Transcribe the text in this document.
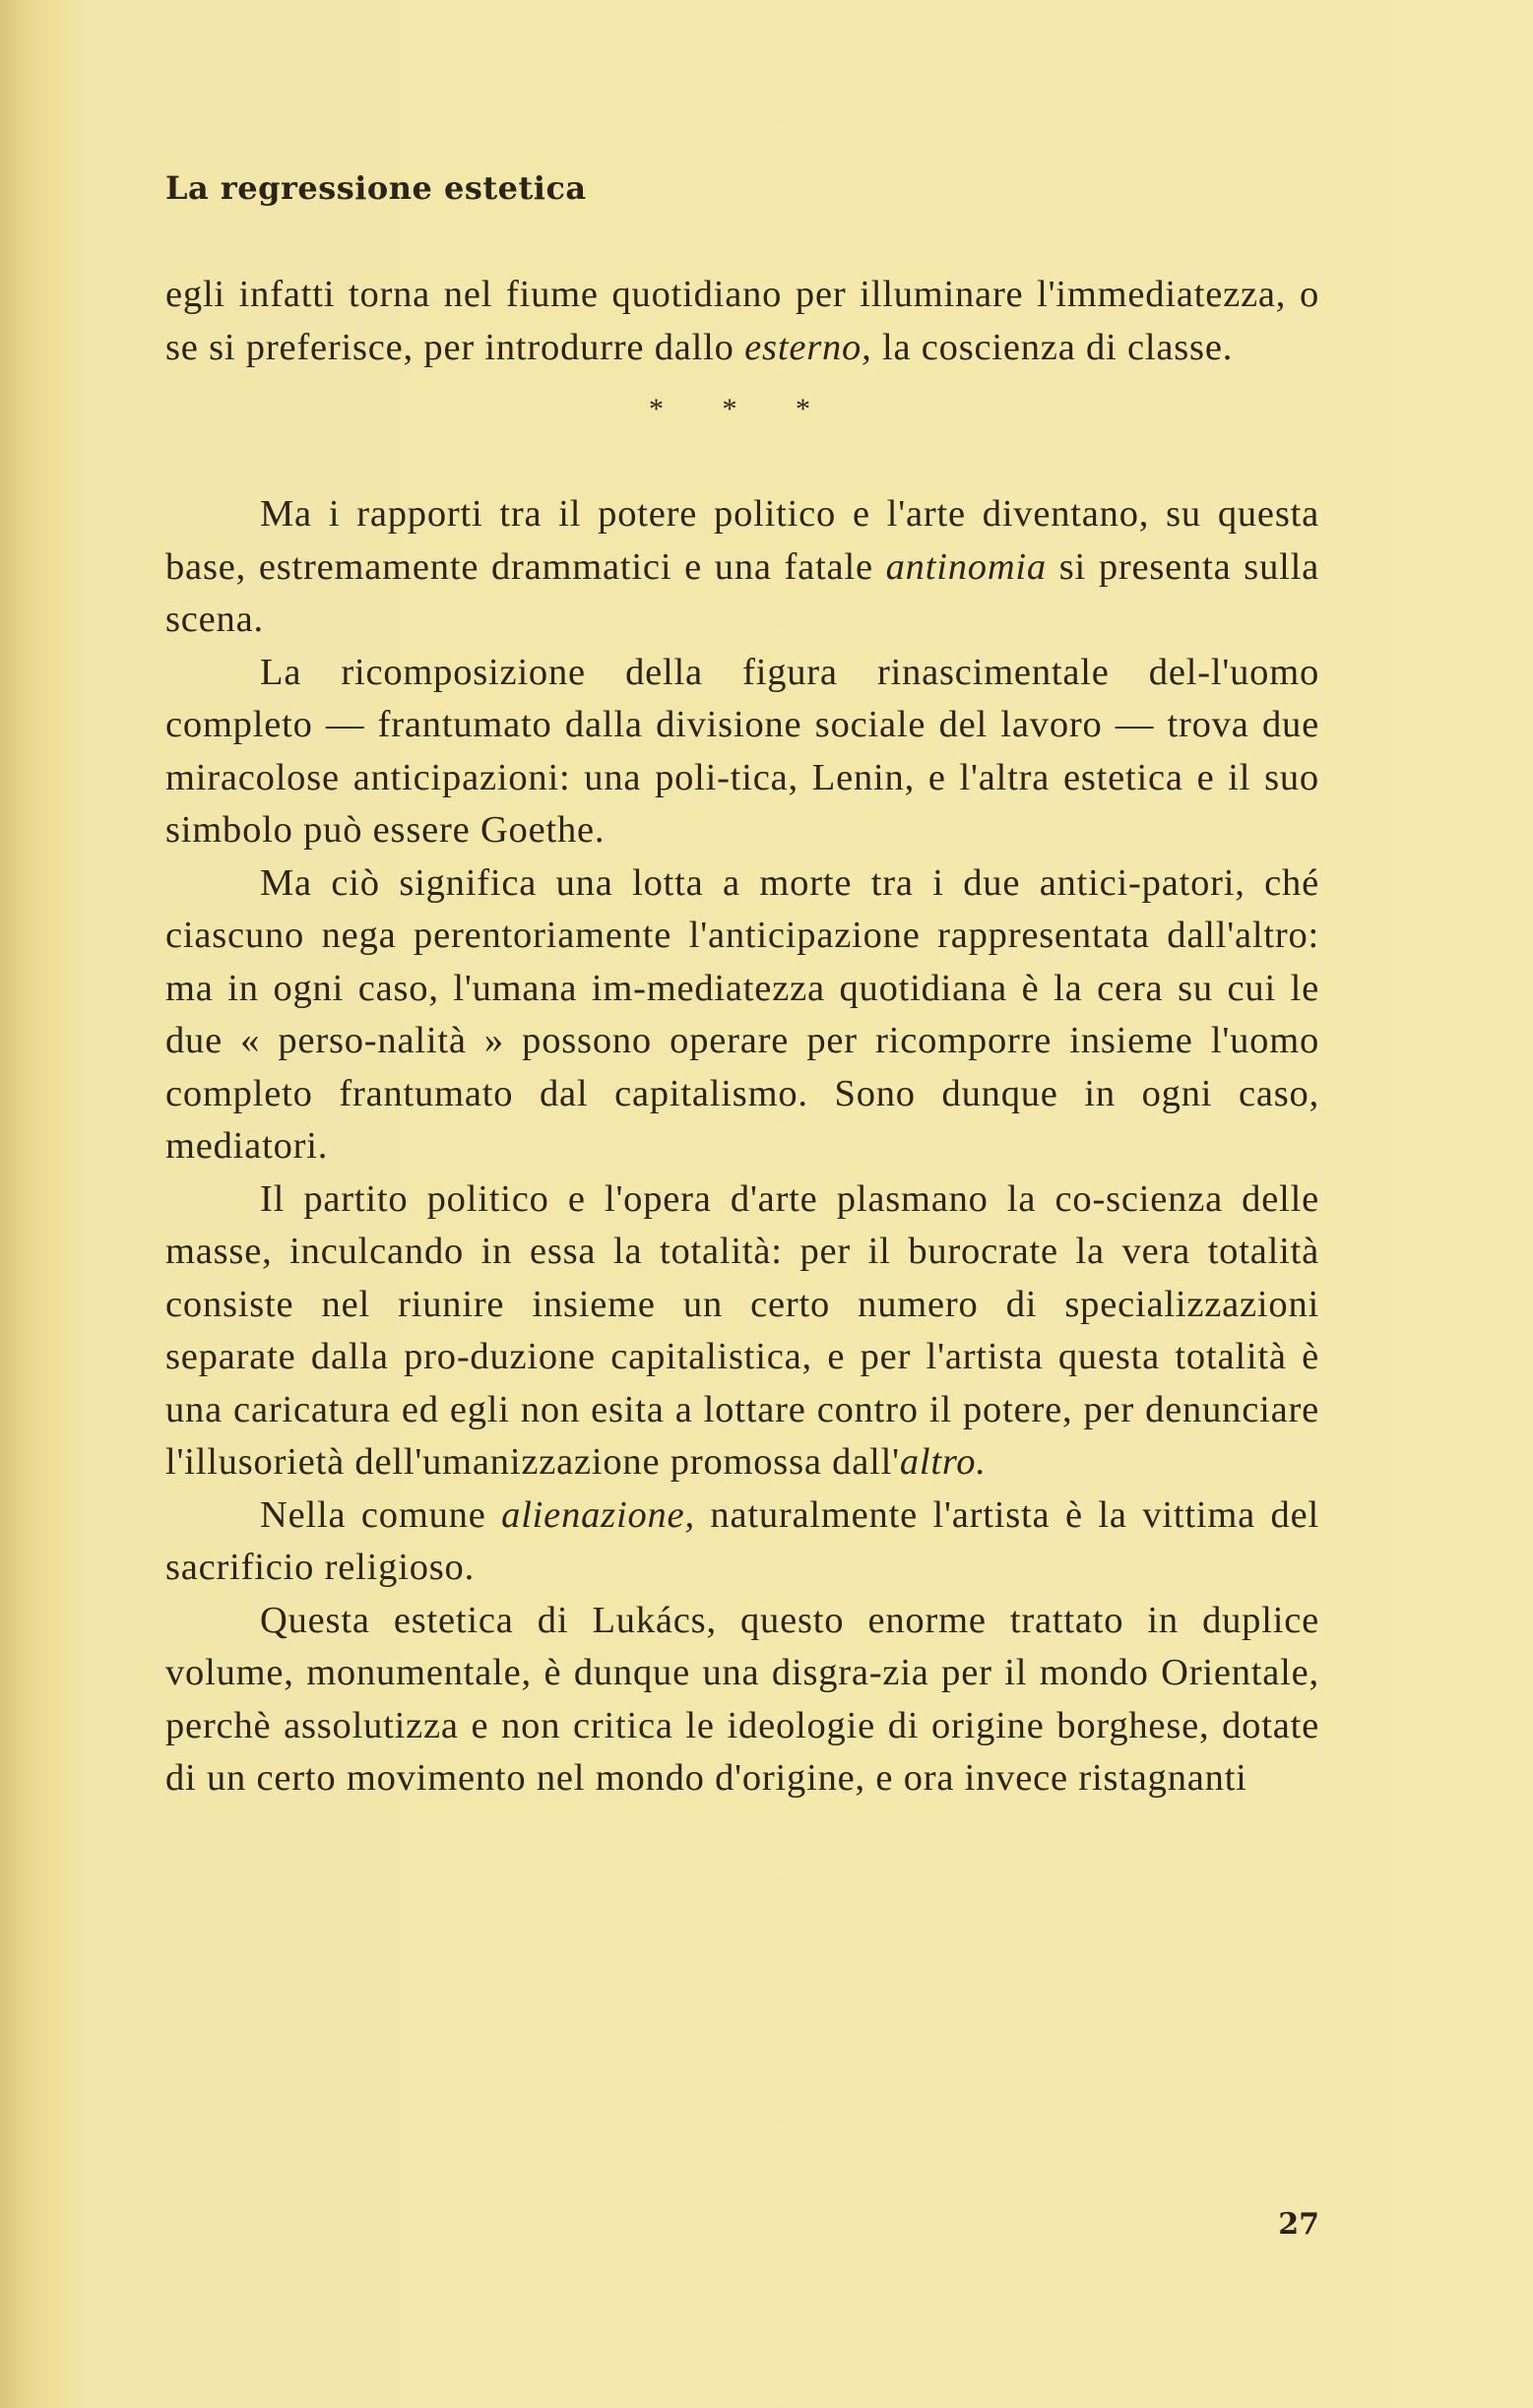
La regressione estetica

egli infatti torna nel fiume quotidiano per illuminare l'immediatezza, o se si preferisce, per introdurre dallo esterno, la coscienza di classe.

* * *

Ma i rapporti tra il potere politico e l'arte diventano, su questa base, estremamente drammatici e una fatale antinomia si presenta sulla scena.

La ricomposizione della figura rinascimentale del-l'uomo completo — frantumato dalla divisione sociale del lavoro — trova due miracolose anticipazioni: una poli-tica, Lenin, e l'altra estetica e il suo simbolo può essere Goethe.

Ma ciò significa una lotta a morte tra i due antici-patori, ché ciascuno nega perentoriamente l'anticipazione rappresentata dall'altro: ma in ogni caso, l'umana im-mediatezza quotidiana è la cera su cui le due « perso-nalità » possono operare per ricomporre insieme l'uomo completo frantumato dal capitalismo. Sono dunque in ogni caso, mediatori.

Il partito politico e l'opera d'arte plasmano la co-scienza delle masse, inculcando in essa la totalità: per il burocrate la vera totalità consiste nel riunire insieme un certo numero di specializzazioni separate dalla pro-duzione capitalistica, e per l'artista questa totalità è una caricatura ed egli non esita a lottare contro il potere, per denunciare l'illusorietà dell'umanizzazione promossa dall'altro.

Nella comune alienazione, naturalmente l'artista è la vittima del sacrificio religioso.

Questa estetica di Lukács, questo enorme trattato in duplice volume, monumentale, è dunque una disgra-zia per il mondo Orientale, perchè assolutizza e non critica le ideologie di origine borghese, dotate di un certo movimento nel mondo d'origine, e ora invece ristagnanti

27
